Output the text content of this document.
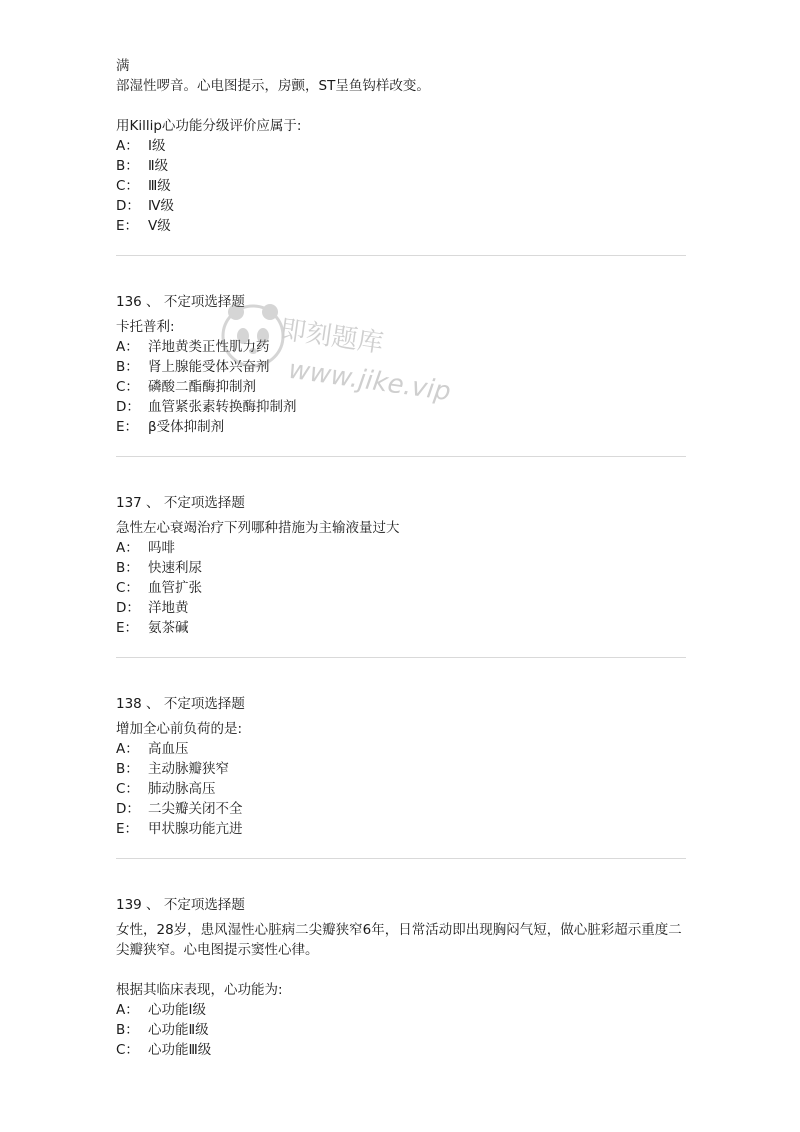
满
部湿性啰音。心电图提示，房颤，ST呈鱼钩样改变。
用Killip心功能分级评价应属于:
A： Ⅰ级
B： Ⅱ级
C： Ⅲ级
D： Ⅳ级
E： Ⅴ级
136 、 不定项选择题
卡托普利:
A： 洋地黄类正性肌力药
B： 肾上腺能受体兴奋剂
C： 磷酸二酯酶抑制剂
D： 血管紧张素转换酶抑制剂
E： β受体抑制剂
137 、 不定项选择题
急性左心衰竭治疗下列哪种措施为主输液量过大
A： 吗啡
B： 快速利尿
C： 血管扩张
D： 洋地黄
E： 氨茶碱
138 、 不定项选择题
增加全心前负荷的是:
A： 高血压
B： 主动脉瓣狭窄
C： 肺动脉高压
D： 二尖瓣关闭不全
E： 甲状腺功能亢进
139 、 不定项选择题
女性，28岁，患风湿性心脏病二尖瓣狭窄6年，日常活动即出现胸闷气短，做心脏彩超示重度二尖瓣狭窄。心电图提示窦性心律。
根据其临床表现，心功能为:
A： 心功能Ⅰ级
B： 心功能Ⅱ级
C： 心功能Ⅲ级
即刻题库
www.jike.vip
